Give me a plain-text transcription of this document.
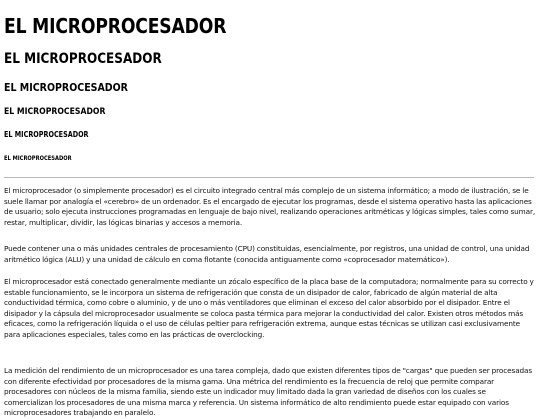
EL MICROPROCESADOR
EL MICROPROCESADOR
EL MICROPROCESADOR
EL MICROPROCESADOR
EL MICROPROCESADOR
EL MICROPROCESADOR

El microprocesador (o simplemente procesador) es el circuito integrado central más complejo de un sistema informático; a modo de ilustración, se le suele llamar por analogía el «cerebro» de un ordenador. Es el encargado de ejecutar los programas, desde el sistema operativo hasta las aplicaciones de usuario; solo ejecuta instrucciones programadas en lenguaje de bajo nivel, realizando operaciones aritméticas y lógicas simples, tales como sumar, restar, multiplicar, dividir, las lógicas binarias y accesos a memoria.

Puede contener una o más unidades centrales de procesamiento (CPU) constituidas, esencialmente, por registros, una unidad de control, una unidad aritmético lógica (ALU) y una unidad de cálculo en coma flotante (conocida antiguamente como «coprocesador matemático»).

El microprocesador está conectado generalmente mediante un zócalo específico de la placa base de la computadora; normalmente para su correcto y estable funcionamiento, se le incorpora un sistema de refrigeración que consta de un disipador de calor, fabricado de algún material de alta conductividad térmica, como cobre o aluminio, y de uno o más ventiladores que eliminan el exceso del calor absorbido por el disipador. Entre el disipador y la cápsula del microprocesador usualmente se coloca pasta térmica para mejorar la conductividad del calor. Existen otros métodos más eficaces, como la refrigeración líquida o el uso de células peltier para refrigeración extrema, aunque estas técnicas se utilizan casi exclusivamente para aplicaciones especiales, tales como en las prácticas de overclocking.

La medición del rendimiento de un microprocesador es una tarea compleja, dado que existen diferentes tipos de "cargas" que pueden ser procesadas con diferente efectividad por procesadores de la misma gama. Una métrica del rendimiento es la frecuencia de reloj que permite comparar procesadores con núcleos de la misma familia, siendo este un indicador muy limitado dada la gran variedad de diseños con los cuales se comercializan los procesadores de una misma marca y referencia. Un sistema informático de alto rendimiento puede estar equipado con varios microprocesadores trabajando en paralelo.
